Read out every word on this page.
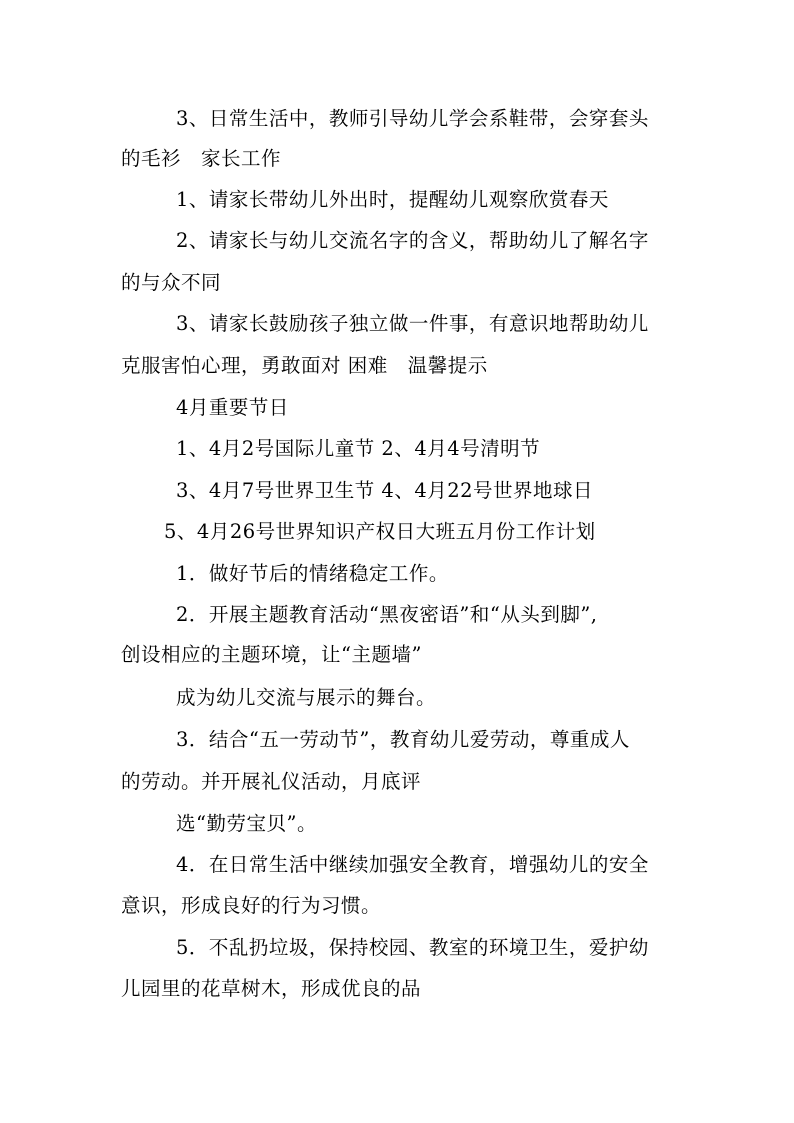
3、日常生活中，教师引导幼儿学会系鞋带，会穿套头
的毛衫　家长工作
1、请家长带幼儿外出时，提醒幼儿观察欣赏春天
2、请家长与幼儿交流名字的含义，帮助幼儿了解名字
的与众不同
3、请家长鼓励孩子独立做一件事，有意识地帮助幼儿
克服害怕心理，勇敢面对 困难　温馨提示
4月重要节日
1、4月2号国际儿童节 2、4月4号清明节
3、4月7号世界卫生节 4、4月22号世界地球日
5、4月26号世界知识产权日大班五月份工作计划
1．做好节后的情绪稳定工作。
2．开展主题教育活动“黑夜密语”和“从头到脚”,
创设相应的主题环境，让“主题墙”
成为幼儿交流与展示的舞台。
3．结合“五一劳动节”，教育幼儿爱劳动，尊重成人
的劳动。并开展礼仪活动，月底评
选“勤劳宝贝”。
4．在日常生活中继续加强安全教育，增强幼儿的安全
意识，形成良好的行为习惯。
5．不乱扔垃圾，保持校园、教室的环境卫生，爱护幼
儿园里的花草树木，形成优良的品
